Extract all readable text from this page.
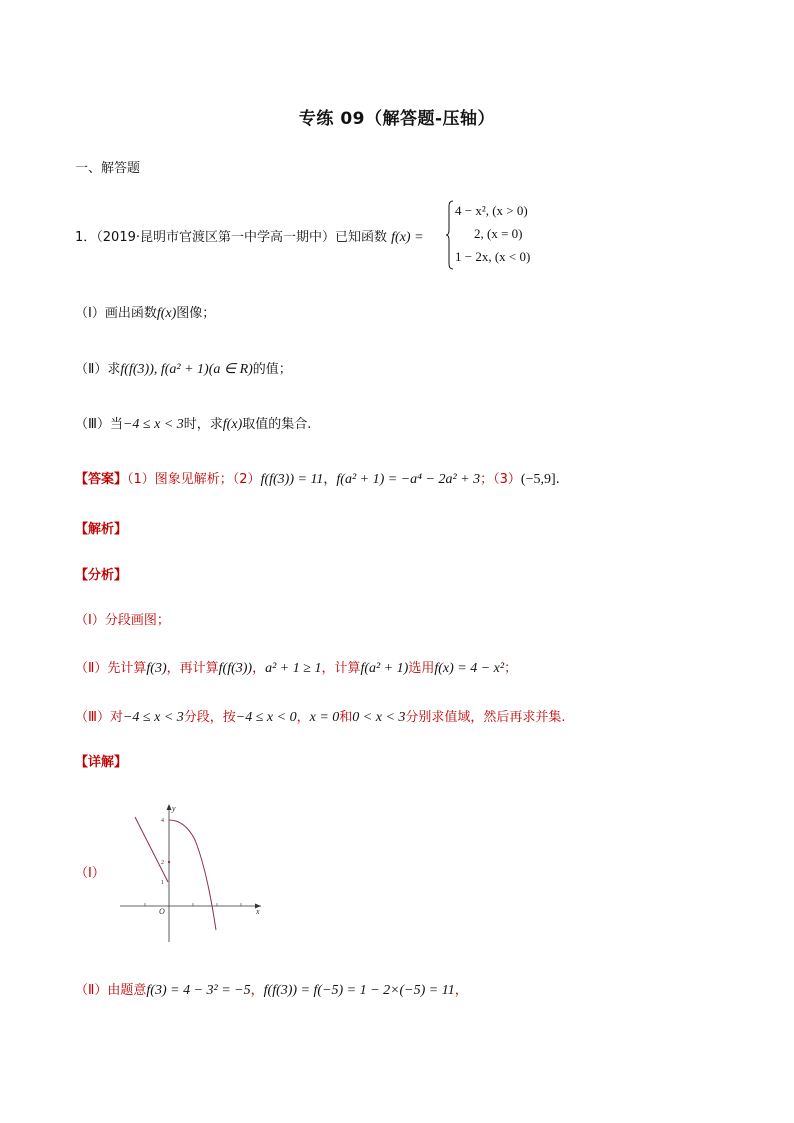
专练 09（解答题-压轴）
一、解答题
1．（2019·昆明市官渡区第一中学高一期中）已知函数 f(x) =
4 − x², (x > 0)
2, (x = 0)
1 − 2x, (x < 0)
（Ⅰ）画出函数f(x)图像；
（Ⅱ）求f(f(3)), f(a² + 1)(a ∈ R)的值；
（Ⅲ）当−4 ≤ x < 3时，求f(x)取值的集合.
【答案】（1）图象见解析；（2）f(f(3)) = 11，f(a² + 1) = −a⁴ − 2a² + 3；（3）(−5,9].
【解析】
【分析】
（Ⅰ）分段画图；
（Ⅱ）先计算f(3)，再计算f(f(3))，a² + 1 ≥ 1，计算f(a² + 1)选用f(x) = 4 − x²；
（Ⅲ）对−4 ≤ x < 3分段，按−4 ≤ x < 0，x = 0和0 < x < 3分别求值域，然后再求并集.
【详解】
（Ⅰ）
4
2
1
x
y
O
（Ⅱ）由题意f(3) = 4 − 3² = −5，f(f(3)) = f(−5) = 1 − 2×(−5) = 11，
